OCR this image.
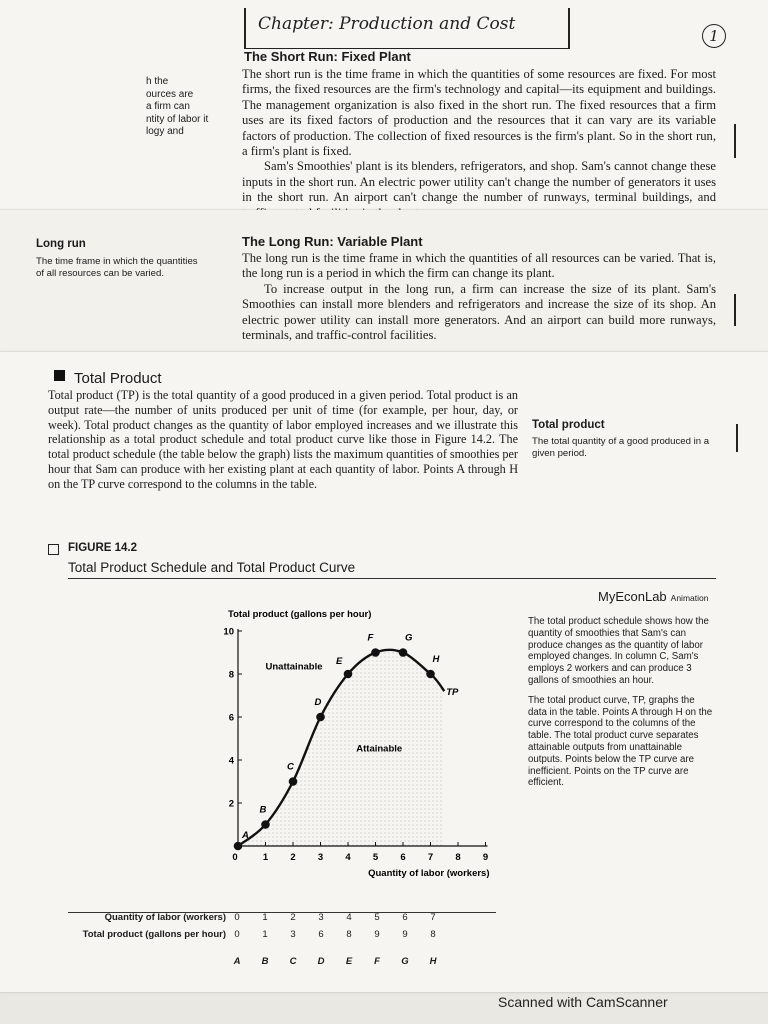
Chapter: Production and Cost
1
h the
ources are
a firm can
ntity of labor it
logy and
The Short Run: Fixed Plant

The short run is the time frame in which the quantities of some resources are fixed. For most firms, the fixed resources are the firm's technology and capital—its equipment and buildings. The management organization is also fixed in the short run. The fixed resources that a firm uses are its fixed factors of production and the resources that it can vary are its variable factors of production. The collection of fixed resources is the firm's plant. So in the short run, a firm's plant is fixed.

Sam's Smoothies' plant is its blenders, refrigerators, and shop. Sam's cannot change these inputs in the short run. An electric power utility can't change the number of generators it uses in the short run. An airport can't change the number of runways, terminal buildings, and

Long run
The time frame in which the quantities of all resources can be varied.
The Long Run: Variable Plant

The long run is the time frame in which the quantities of all resources can be varied. That is, the long run is a period in which the firm can change its plant.

To increase output in the long run, a firm can increase the size of its plant. Sam's Smoothies can install more blenders and refrigerators and increase the size of its shop. An electric power utility can install more generators. And an airport can build more runways, terminals, and traffic-control facilities.

Total Product
Total product (TP) is the total quantity of a good produced in a given period. Total product is an output rate—the number of units produced per unit of time (for example, per hour, day, or week). Total product changes as the quantity of labor employed increases and we illustrate this relationship as a total product schedule and total product curve like those in Figure 14.2. The total product schedule (the table below the graph) lists the maximum quantities of smoothies per hour that Sam can produce with her existing plant at each quantity of labor. Points A through H on the TP curve correspond to the columns in the table.
Total product
The total quantity of a good produced in a given period.
FIGURE 14.2
Total Product Schedule and Total Product Curve
MyEconLab Animation
0	1 2 3 4 5 6 7 8 9
2
4
6
8
10
A
B
C
D
E
F	G
H
Total product (gallons per hour)
Quantity of labor (workers)
Unattainable
Attainable
TP

The total product schedule shows how the quantity of smoothies that Sam's can produce changes as the quantity of labor employed changes. In column C, Sam's employs 2 workers and can produce 3 gallons of smoothies an hour.

The total product curve, TP, graphs the data in the table. Points A through H on the curve correspond to the columns of the table. The total product curve separates attainable outputs from unattainable outputs. Points below the TP curve are inefficient. Points on the TP curve are efficient.

Quantity of labor (workers)
Total product (gallons per hour)
0	1	2	3	4	5	6	7
0	1	3	6	8	9	9	8
A	B	C	D	E	F	G	H
Scanned with CamScanner
